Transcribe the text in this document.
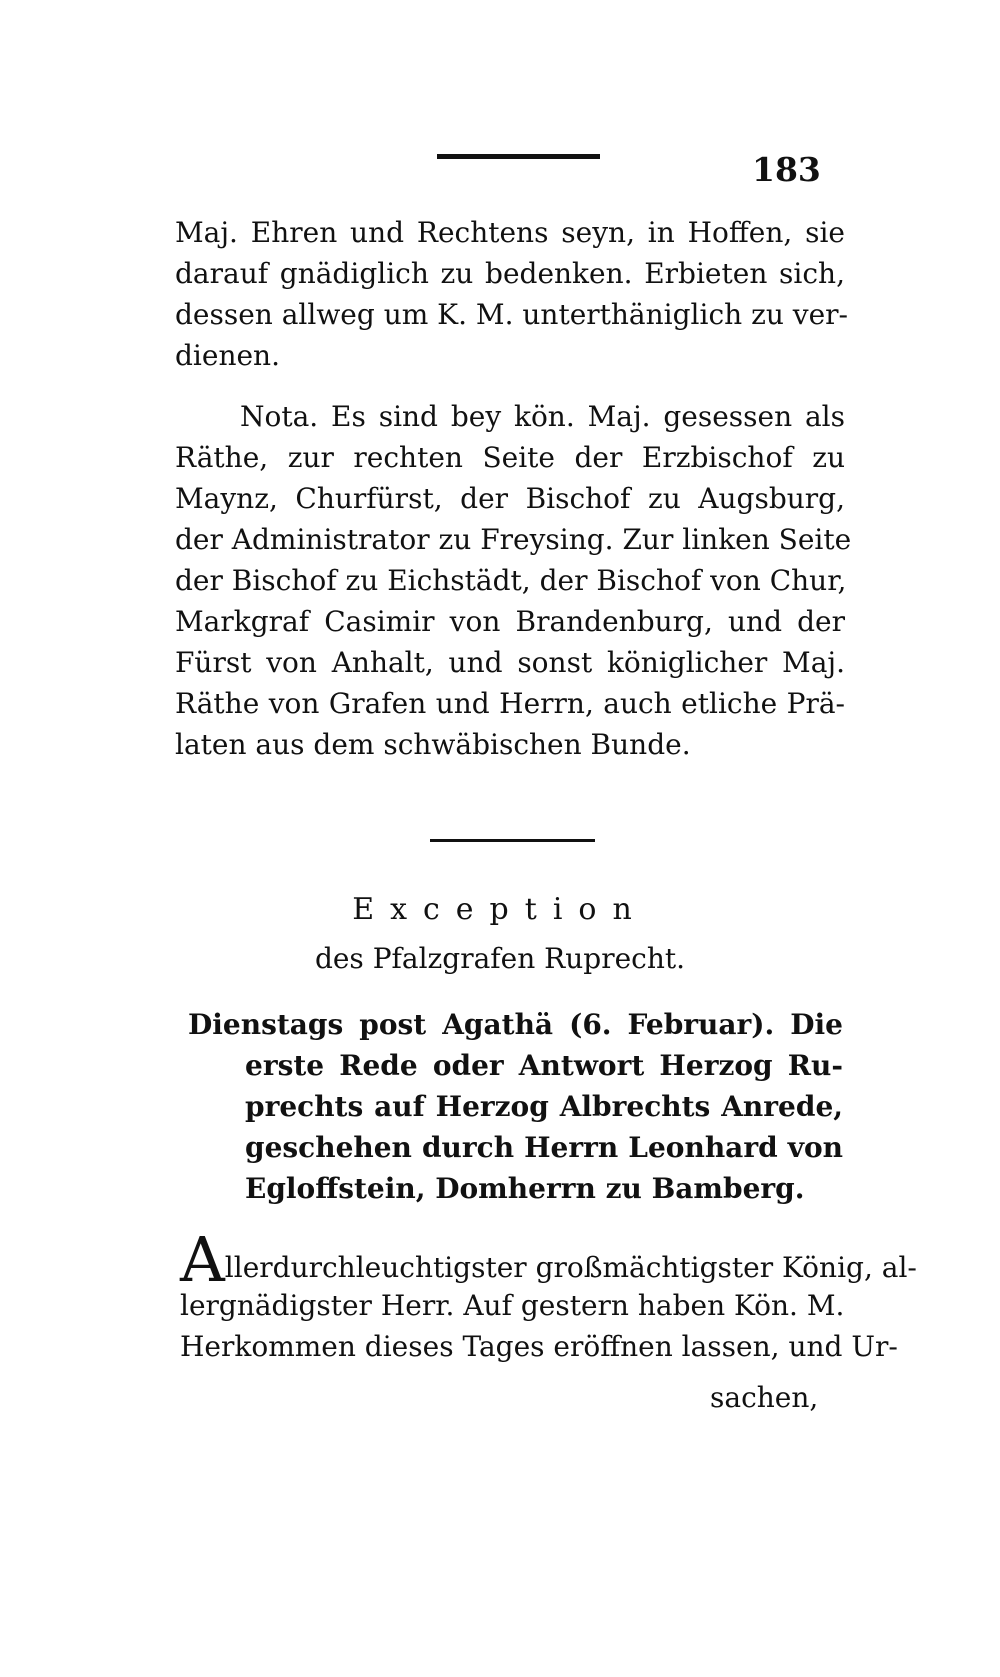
183
Maj. Ehren und Rechtens seyn, in Hoffen, sie
darauf gnädiglich zu bedenken. Erbieten sich,
dessen allweg um K. M. unterthäniglich zu ver-
dienen.
Nota. Es sind bey kön. Maj. gesessen als
Räthe, zur rechten Seite der Erzbischof zu
Maynz, Churfürst, der Bischof zu Augsburg,
der Administrator zu Freysing. Zur linken Seite
der Bischof zu Eichstädt, der Bischof von Chur,
Markgraf Casimir von Brandenburg, und der
Fürst von Anhalt, und sonst königlicher Maj.
Räthe von Grafen und Herrn, auch etliche Prä-
laten aus dem schwäbischen Bunde.
Exception
des Pfalzgrafen Ruprecht.
Dienstags post Agathä (6. Februar). Die
erste Rede oder Antwort Herzog Ru-
prechts auf Herzog Albrechts Anrede,
geschehen durch Herrn Leonhard von
Egloffstein, Domherrn zu Bamberg.
Allerdurchleuchtigster großmächtigster König, al-
lergnädigster Herr. Auf gestern haben Kön. M.
Herkommen dieses Tages eröffnen lassen, und Ur-
sachen,
